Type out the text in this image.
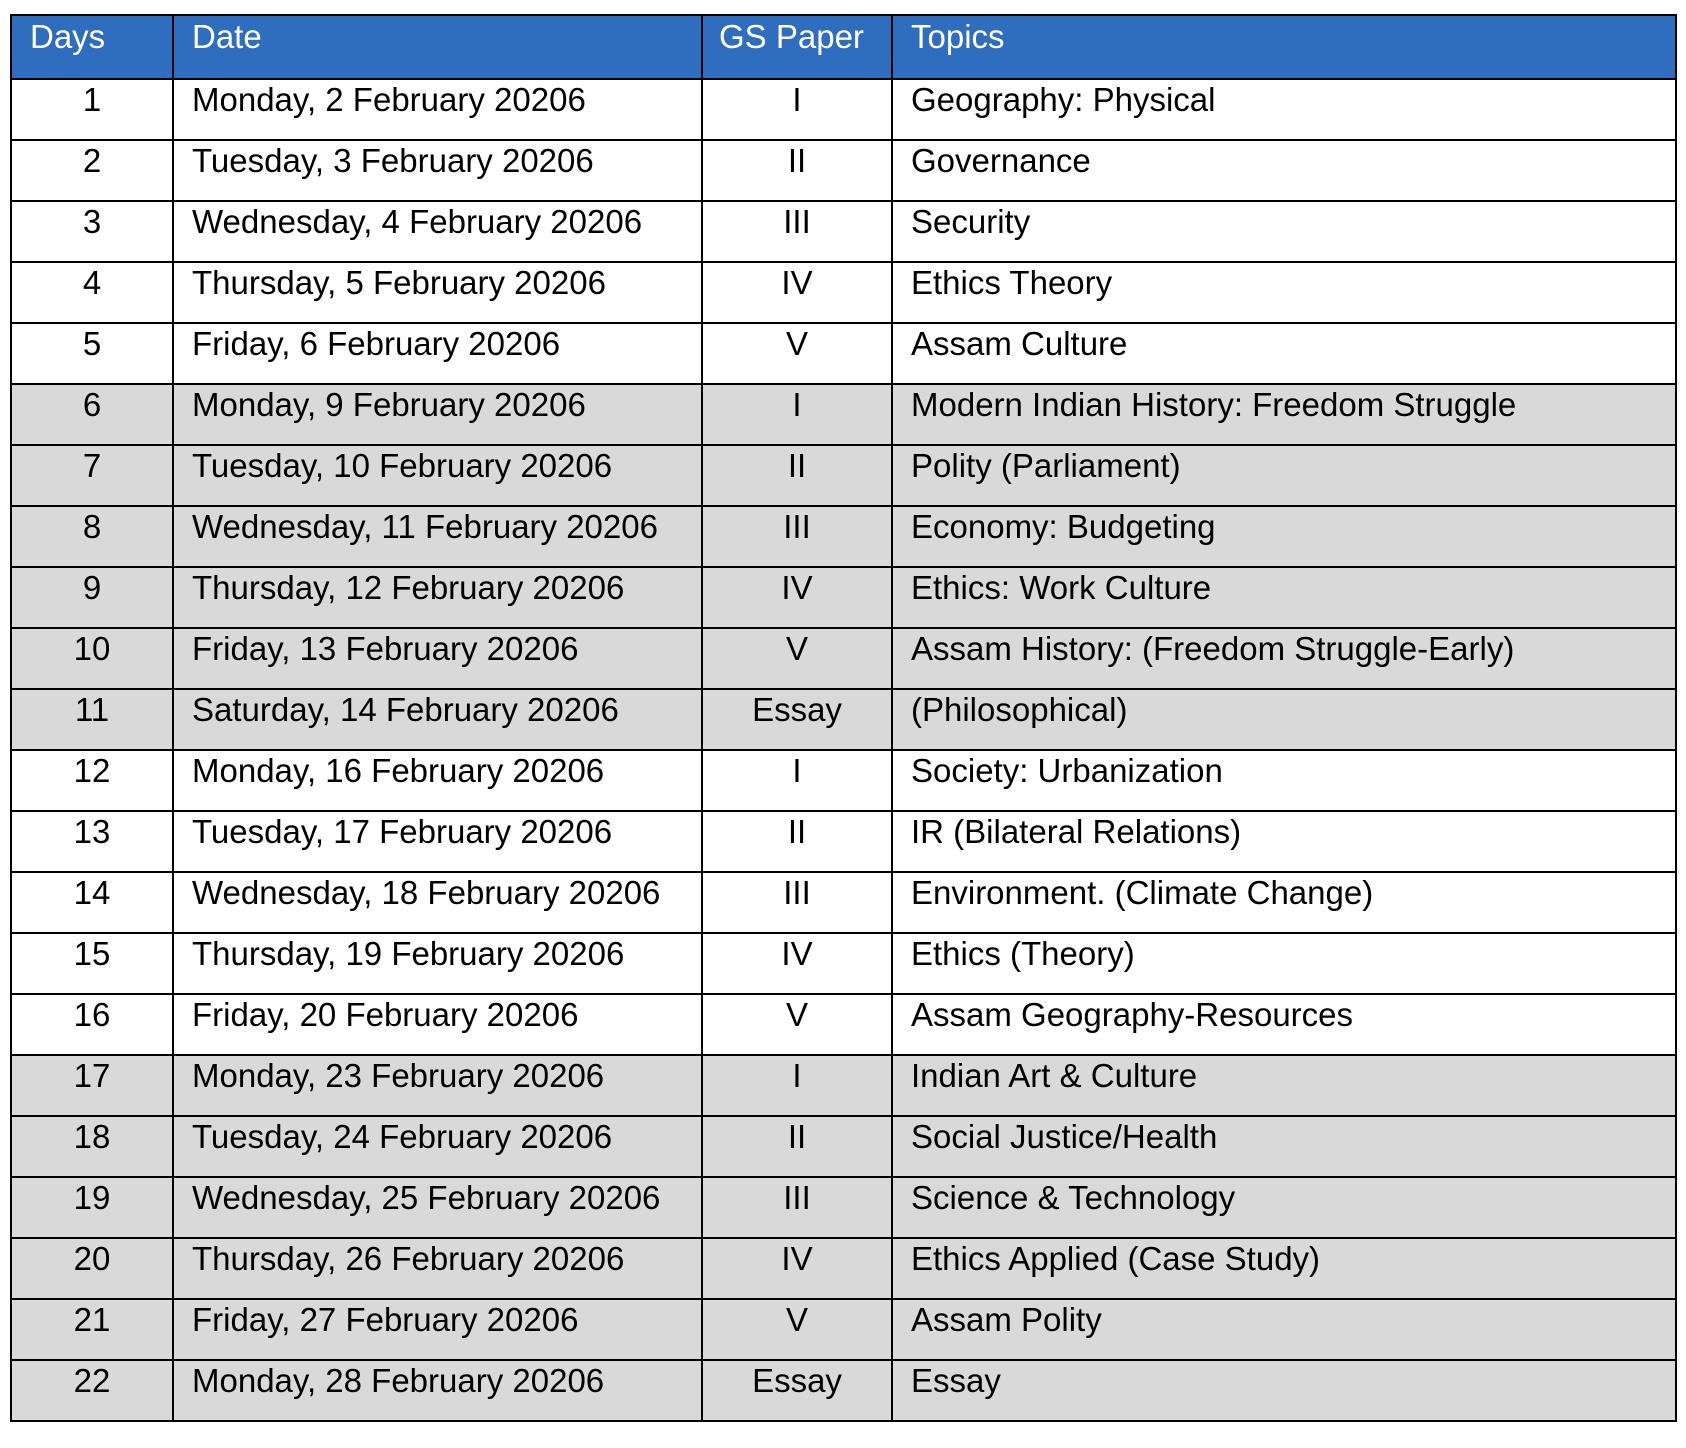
Days	Date	GS Paper	Topics
1	Monday, 2 February 20206	I	Geography: Physical
2	Tuesday, 3 February 20206	II	Governance
3	Wednesday, 4 February 20206	III	Security
4	Thursday, 5 February 20206	IV	Ethics Theory
5	Friday, 6 February 20206	V	Assam Culture
6	Monday, 9 February 20206	I	Modern Indian History: Freedom Struggle
7	Tuesday, 10 February 20206	II	Polity (Parliament)
8	Wednesday, 11 February 20206	III	Economy: Budgeting
9	Thursday, 12 February 20206	IV	Ethics: Work Culture
10	Friday, 13 February 20206	V	Assam History: (Freedom Struggle-Early)
11	Saturday, 14 February 20206	Essay	(Philosophical)
12	Monday, 16 February 20206	I	Society: Urbanization
13	Tuesday, 17 February 20206	II	IR (Bilateral Relations)
14	Wednesday, 18 February 20206	III	Environment. (Climate Change)
15	Thursday, 19 February 20206	IV	Ethics (Theory)
16	Friday, 20 February 20206	V	Assam Geography-Resources
17	Monday, 23 February 20206	I	Indian Art & Culture
18	Tuesday, 24 February 20206	II	Social Justice/Health
19	Wednesday, 25 February 20206	III	Science & Technology
20	Thursday, 26 February 20206	IV	Ethics Applied (Case Study)
21	Friday, 27 February 20206	V	Assam Polity
22	Monday, 28 February 20206	Essay	Essay
